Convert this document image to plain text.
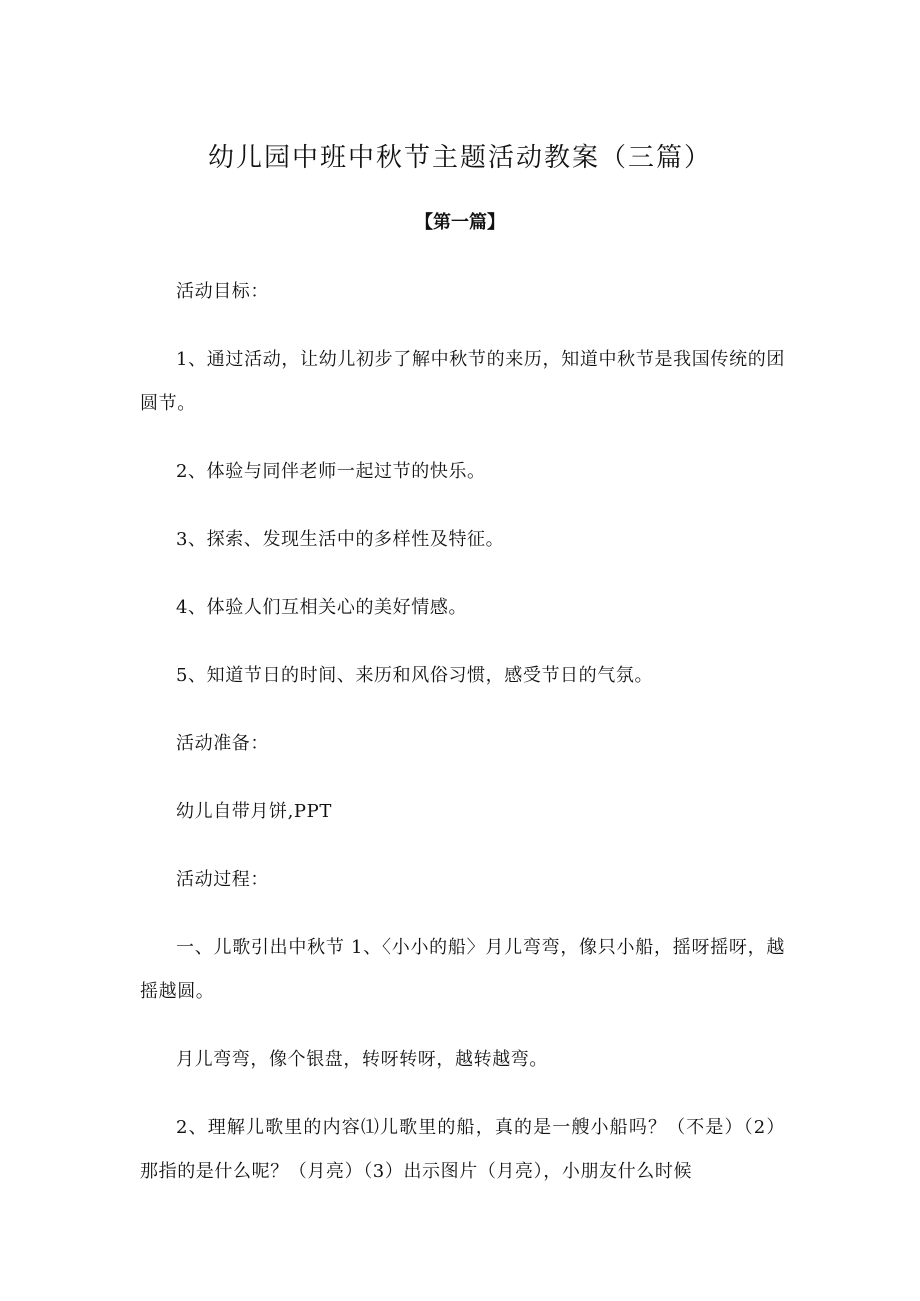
幼儿园中班中秋节主题活动教案（三篇）
【第一篇】

活动目标：

1、通过活动，让幼儿初步了解中秋节的来历，知道中秋节是我国传统的团圆节。

2、体验与同伴老师一起过节的快乐。

3、探索、发现生活中的多样性及特征。

4、体验人们互相关心的美好情感。

5、知道节日的时间、来历和风俗习惯，感受节日的气氛。

活动准备：

幼儿自带月饼,PPT

活动过程：

一、儿歌引出中秋节 1、〈小小的船〉月儿弯弯，像只小船，摇呀摇呀，越摇越圆。

月儿弯弯，像个银盘，转呀转呀，越转越弯。

2、理解儿歌里的内容⑴儿歌里的船，真的是一艘小船吗？（不是）（2）那指的是什么呢？（月亮）（3）出示图片（月亮），小朋友什么时候
